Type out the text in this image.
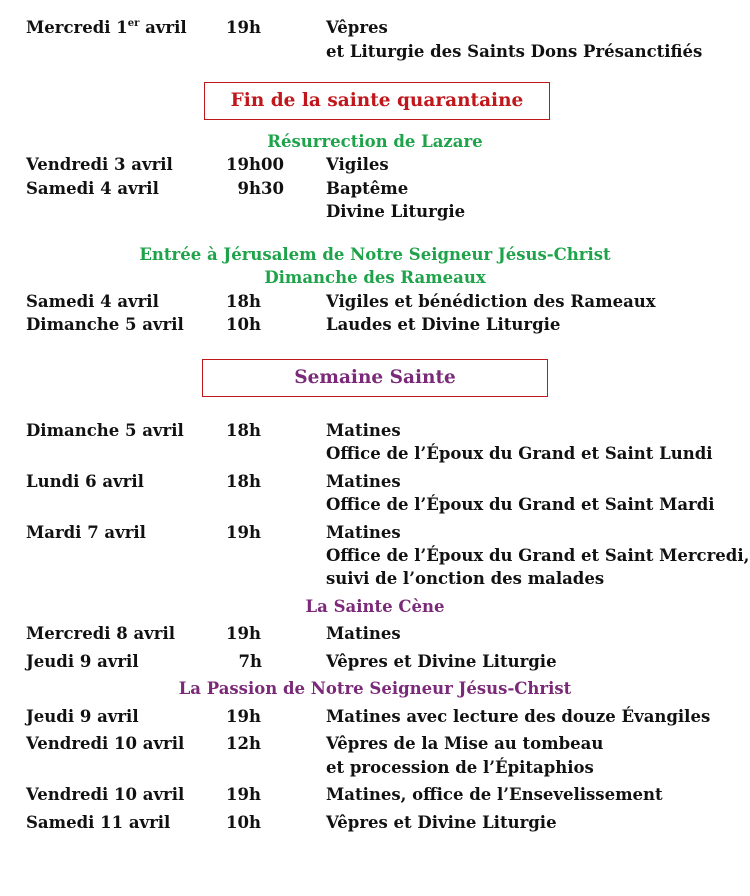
Mercredi 1er avril 19h	Vêpres
et Liturgie des Saints Dons Présanctifiés
Fin de la sainte quarantaine
Résurrection de Lazare
Vendredi 3 avril	19h00	Vigiles
Samedi 4 avril	9h30	Baptême
Divine Liturgie
Entrée à Jérusalem de Notre Seigneur Jésus-Christ
Dimanche des Rameaux
Samedi 4 avril	18h	Vigiles et bénédiction des Rameaux
Dimanche 5 avril	10h	Laudes et Divine Liturgie
Semaine Sainte
Dimanche 5 avril	18h	Matines
Office de l’Époux du Grand et Saint Lundi
Lundi 6 avril	18h	Matines
Office de l’Époux du Grand et Saint Mardi
Mardi 7 avril	19h	Matines
Office de l’Époux du Grand et Saint Mercredi,
suivi de l’onction des malades
La Sainte Cène
Mercredi 8 avril	19h	Matines
Jeudi 9 avril	7h	Vêpres et Divine Liturgie
La Passion de Notre Seigneur Jésus-Christ
Jeudi 9 avril	19h	Matines avec lecture des douze Évangiles
Vendredi 10 avril	12h	Vêpres de la Mise au tombeau
et procession de l’Épitaphios
Vendredi 10 avril	19h	Matines, office de l’Ensevelissement
Samedi 11 avril	10h	Vêpres et Divine Liturgie
